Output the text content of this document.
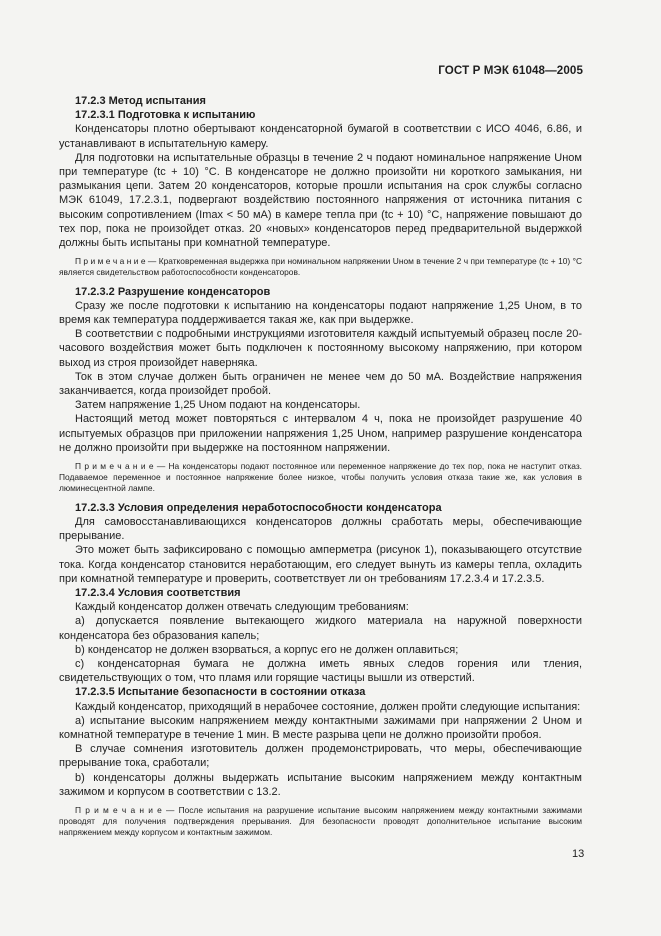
ГОСТ Р МЭК 61048—2005

17.2.3 Метод испытания

17.2.3.1 Подготовка к испытанию

Конденсаторы плотно обертывают конденсаторной бумагой в соответствии с ИСО 4046, 6.86, и устанавливают в испытательную камеру.

Для подготовки на испытательные образцы в течение 2 ч подают номинальное напряжение Uном при температуре (tc + 10) °C. В конденсаторе не должно произойти ни короткого замыкания, ни размыкания цепи. Затем 20 конденсаторов, которые прошли испытания на срок службы согласно МЭК 61049, 17.2.3.1, подвергают воздействию постоянного напряжения от источника питания с высоким сопротивлением (Imax < 50 мА) в камере тепла при (tc + 10) °C, напряжение повышают до тех пор, пока не произойдет отказ. 20 «новых» конденсаторов перед предварительной выдержкой должны быть испытаны при комнатной температуре.

П р и м е ч а н и е — Кратковременная выдержка при номинальном напряжении Uном в течение 2 ч при температуре (tc + 10) °C является свидетельством работоспособности конденсаторов.

17.2.3.2 Разрушение конденсаторов

Сразу же после подготовки к испытанию на конденсаторы подают напряжение 1,25 Uном, в то время как температура поддерживается такая же, как при выдержке.

В соответствии с подробными инструкциями изготовителя каждый испытуемый образец после 20-часового воздействия может быть подключен к постоянному высокому напряжению, при котором выход из строя произойдет наверняка.

Ток в этом случае должен быть ограничен не менее чем до 50 мА. Воздействие напряжения заканчивается, когда произойдет пробой.

Затем напряжение 1,25 Uном подают на конденсаторы.

Настоящий метод может повторяться с интервалом 4 ч, пока не произойдет разрушение 40 испытуемых образцов при приложении напряжения 1,25 Uном, например разрушение конденсатора не должно произойти при выдержке на постоянном напряжении.

П р и м е ч а н и е — На конденсаторы подают постоянное или переменное напряжение до тех пор, пока не наступит отказ. Подаваемое переменное и постоянное напряжение более низкое, чтобы получить условия отказа такие же, как условия в люминесцентной лампе.

17.2.3.3 Условия определения неработоспособности конденсатора

Для самовосстанавливающихся конденсаторов должны сработать меры, обеспечивающие прерывание.

Это может быть зафиксировано с помощью амперметра (рисунок 1), показывающего отсутствие тока. Когда конденсатор становится неработающим, его следует вынуть из камеры тепла, охладить при комнатной температуре и проверить, соответствует ли он требованиям 17.2.3.4 и 17.2.3.5.

17.2.3.4 Условия соответствия

Каждый конденсатор должен отвечать следующим требованиям:

а) допускается появление вытекающего жидкого материала на наружной поверхности конденсатора без образования капель;

b) конденсатор не должен взорваться, а корпус его не должен оплавиться;

с) конденсаторная бумага не должна иметь явных следов горения или тления, свидетельствующих о том, что пламя или горящие частицы вышли из отверстий.

17.2.3.5 Испытание безопасности в состоянии отказа

Каждый конденсатор, приходящий в нерабочее состояние, должен пройти следующие испытания:

а) испытание высоким напряжением между контактными зажимами при напряжении 2 Uном и комнатной температуре в течение 1 мин. В месте разрыва цепи не должно произойти пробоя.

В случае сомнения изготовитель должен продемонстрировать, что меры, обеспечивающие прерывание тока, сработали;

b) конденсаторы должны выдержать испытание высоким напряжением между контактным зажимом и корпусом в соответствии с 13.2.

П р и м е ч а н и е — После испытания на разрушение испытание высоким напряжением между контактными зажимами проводят для получения подтверждения прерывания. Для безопасности проводят дополнительное испытание высоким напряжением между корпусом и контактным зажимом.

13
